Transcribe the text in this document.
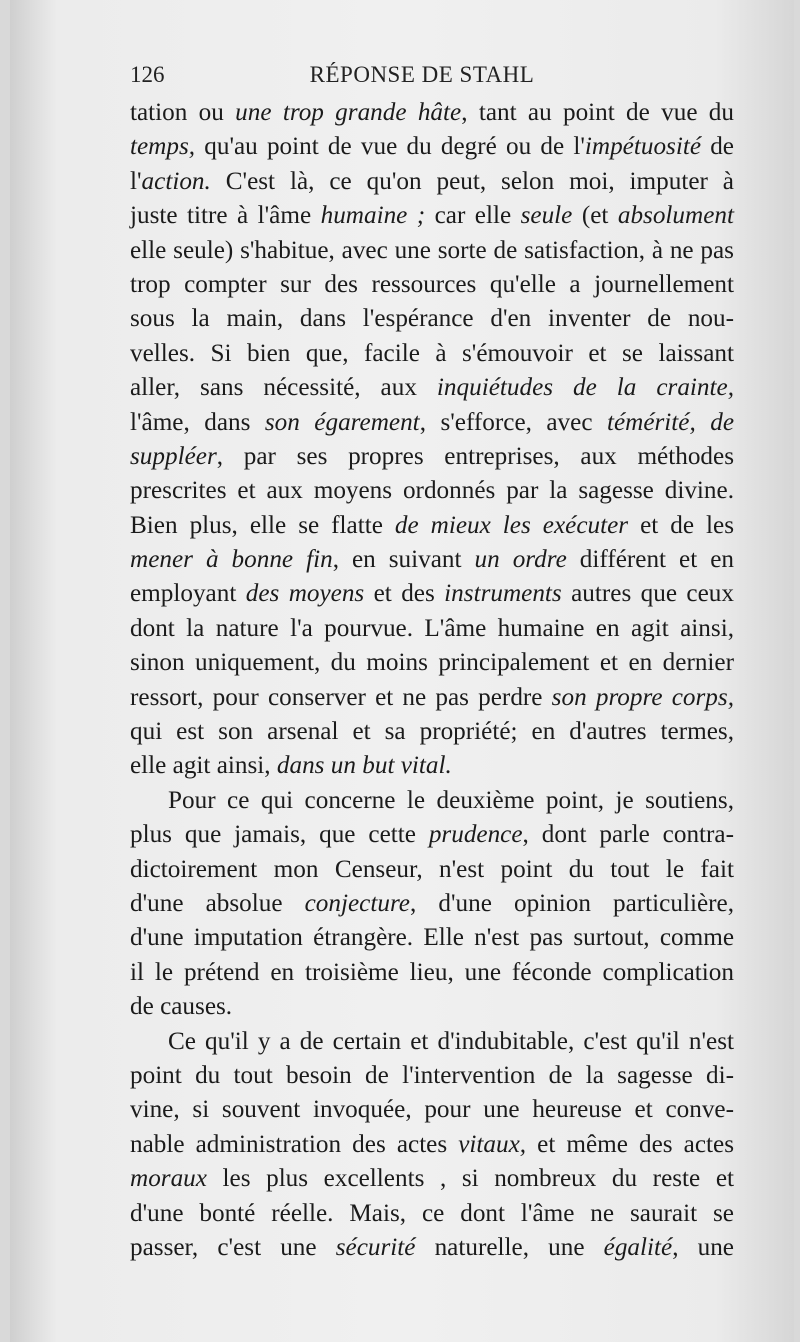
126	RÉPONSE DE STAHL
tation ou une trop grande hâte, tant au point de vue du
temps, qu'au point de vue du degré ou de l'impétuosité de
l'action. C'est là, ce qu'on peut, selon moi, imputer à
juste titre à l'âme humaine ; car elle seule (et absolument
elle seule) s'habitue, avec une sorte de satisfaction, à ne pas
trop compter sur des ressources qu'elle a journellement
sous la main, dans l'espérance d'en inventer de nou-
velles. Si bien que, facile à s'émouvoir et se laissant
aller, sans nécessité, aux inquiétudes de la crainte,
l'âme, dans son égarement, s'efforce, avec témérité, de
suppléer, par ses propres entreprises, aux méthodes
prescrites et aux moyens ordonnés par la sagesse divine.
Bien plus, elle se flatte de mieux les exécuter et de les
mener à bonne fin, en suivant un ordre différent et en
employant des moyens et des instruments autres que ceux
dont la nature l'a pourvue. L'âme humaine en agit ainsi,
sinon uniquement, du moins principalement et en dernier
ressort, pour conserver et ne pas perdre son propre corps,
qui est son arsenal et sa propriété; en d'autres termes,
elle agit ainsi, dans un but vital.
Pour ce qui concerne le deuxième point, je soutiens,
plus que jamais, que cette prudence, dont parle contra-
dictoirement mon Censeur, n'est point du tout le fait
d'une absolue conjecture, d'une opinion particulière,
d'une imputation étrangère. Elle n'est pas surtout, comme
il le prétend en troisième lieu, une féconde complication
de causes.
Ce qu'il y a de certain et d'indubitable, c'est qu'il n'est
point du tout besoin de l'intervention de la sagesse di-
vine, si souvent invoquée, pour une heureuse et conve-
nable administration des actes vitaux, et même des actes
moraux les plus excellents , si nombreux du reste et
d'une bonté réelle. Mais, ce dont l'âme ne saurait se
passer, c'est une sécurité naturelle, une égalité, une
